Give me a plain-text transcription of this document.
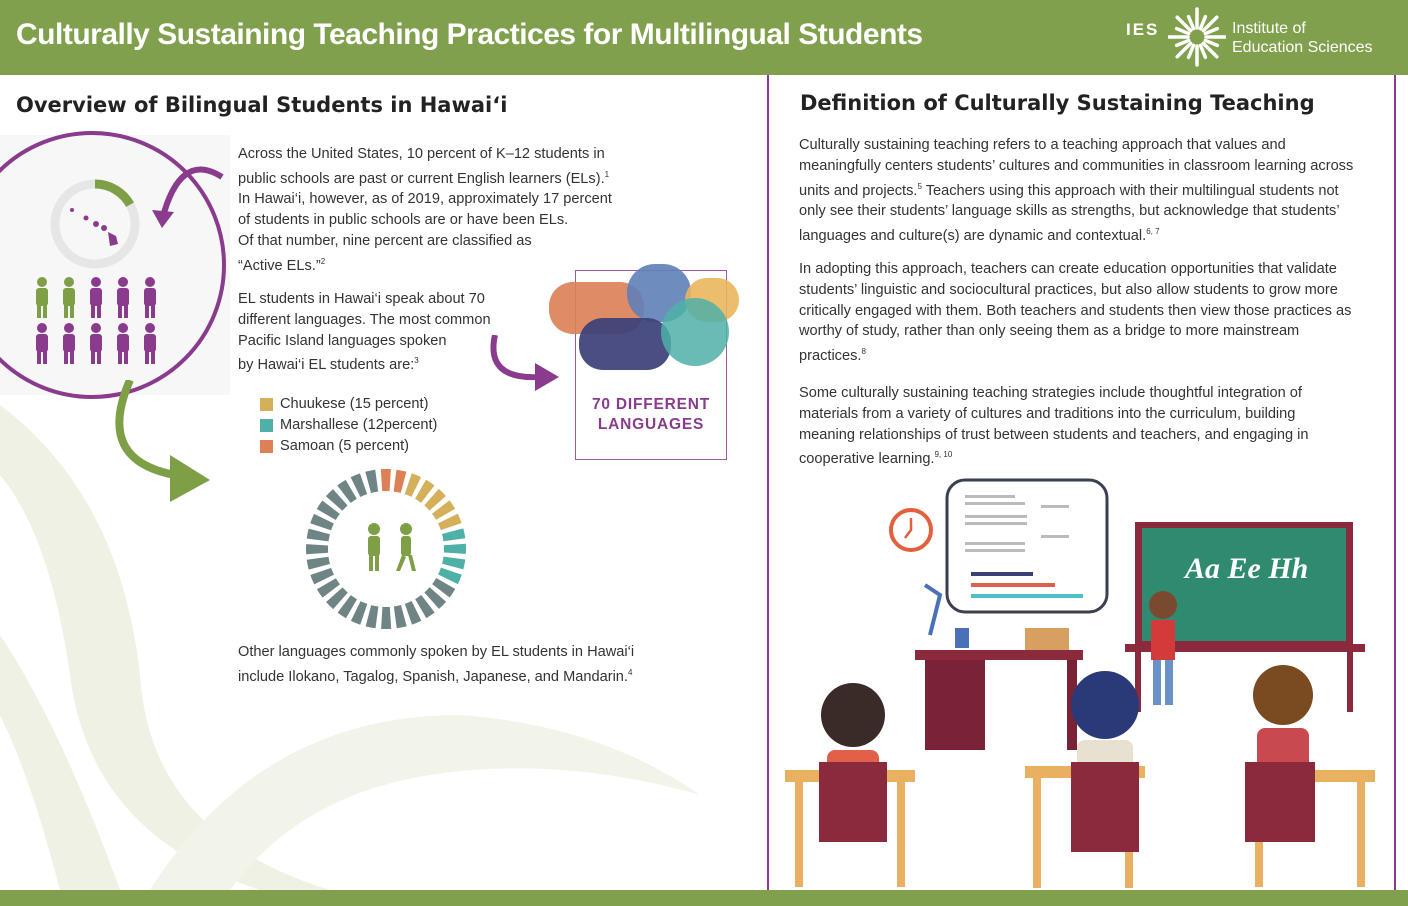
Culturally Sustaining Teaching Practices for Multilingual Students	IES	Institute of
Education Sciences
Overview of Bilingual Students in Hawai‘i
Across the United States, 10 percent of K–12 students in
public schools are past or current English learners (ELs).$^1$
In Hawai‘i, however, as of 2019, approximately 17 percent
of students in public schools are or have been ELs.
Of that number, nine percent are classified as
“Active ELs.”$^2$
EL students in Hawai‘i speak about 70
different languages. The most common
Pacific Island languages spoken
by Hawai‘i EL students are:$^3$
Chuukese (15 percent)
Marshallese (12percent)
Samoan (5 percent)
70 DIFFERENT
LANGUAGES
Other languages commonly spoken by EL students in Hawai‘i
include Ilokano, Tagalog, Spanish, Japanese, and Mandarin.$^4$
Definition of Culturally Sustaining Teaching
Culturally sustaining teaching refers to a teaching approach that values and
meaningfully centers students’ cultures and communities in classroom learning across
units and projects.$^5$ Teachers using this approach with their multilingual students not
only see their students’ language skills as strengths, but acknowledge that students’
languages and culture(s) are dynamic and contextual.$^{6, 7}$
In adopting this approach, teachers can create education opportunities that validate
students’ linguistic and sociocultural practices, but also allow students to grow more
critically engaged with them. Both teachers and students then view those practices as
worthy of study, rather than only seeing them as a bridge to more mainstream
practices.$^8$
Some culturally sustaining teaching strategies include thoughtful integration of
materials from a variety of cultures and traditions into the curriculum, building
meaning relationships of trust between students and teachers, and engaging in
cooperative learning.$^{9, 10}$
Aa Ee Hh
